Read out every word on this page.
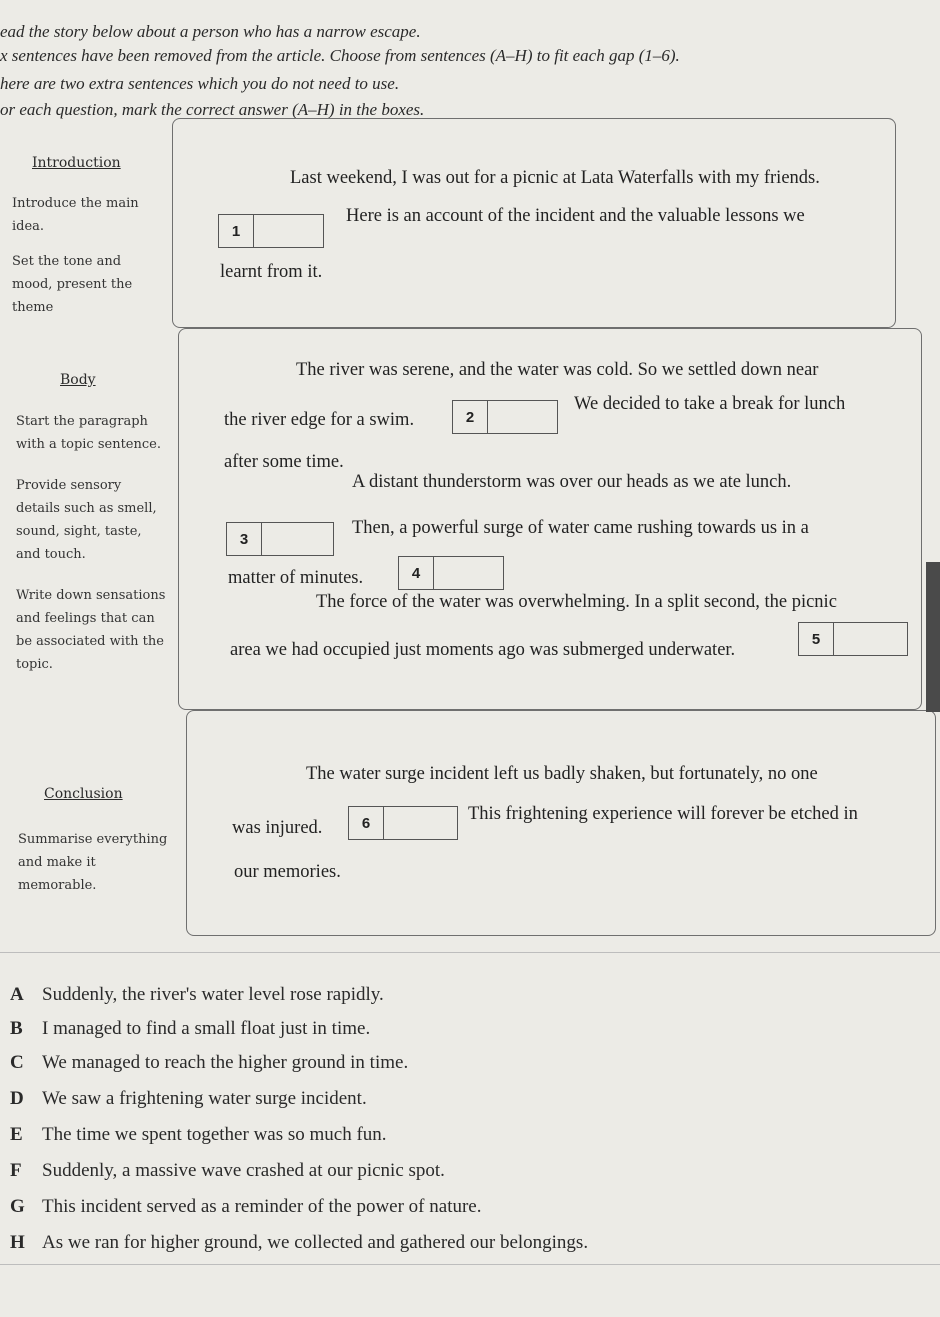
ead the story below about a person who has a narrow escape.
x sentences have been removed from the article. Choose from sentences (A–H) to fit each gap (1–6).
here are two extra sentences which you do not need to use.
or each question, mark the correct answer (A–H) in the boxes.
Introduction

Introduce the main idea.

Set the tone and mood, present the theme

Last weekend, I was out for a picnic at Lata Waterfalls with my friends.
1
Here is an account of the incident and the valuable lessons we
learnt from it.
Body

Start the paragraph with a topic sentence.

Provide sensory details such as smell, sound, sight, taste, and touch.

Write down sensations and feelings that can be associated with the topic.

The river was serene, and the water was cold. So we settled down near
the river edge for a swim.	2
We decided to take a break for lunch
after some time.
A distant thunderstorm was over our heads as we ate lunch.
3
Then, a powerful surge of water came rushing towards us in a
matter of minutes.	4
The force of the water was overwhelming. In a split second, the picnic
area we had occupied just moments ago was submerged underwater.
5
Conclusion

Summarise everything and make it memorable.

The water surge incident left us badly shaken, but fortunately, no one
was injured.	6	This frightening experience will forever be etched in
our memories.
A Suddenly, the river's water level rose rapidly.
B I managed to find a small float just in time.
C We managed to reach the higher ground in time.
D We saw a frightening water surge incident.
E The time we spent together was so much fun.
F Suddenly, a massive wave crashed at our picnic spot.
G This incident served as a reminder of the power of nature.
H As we ran for higher ground, we collected and gathered our belongings.
